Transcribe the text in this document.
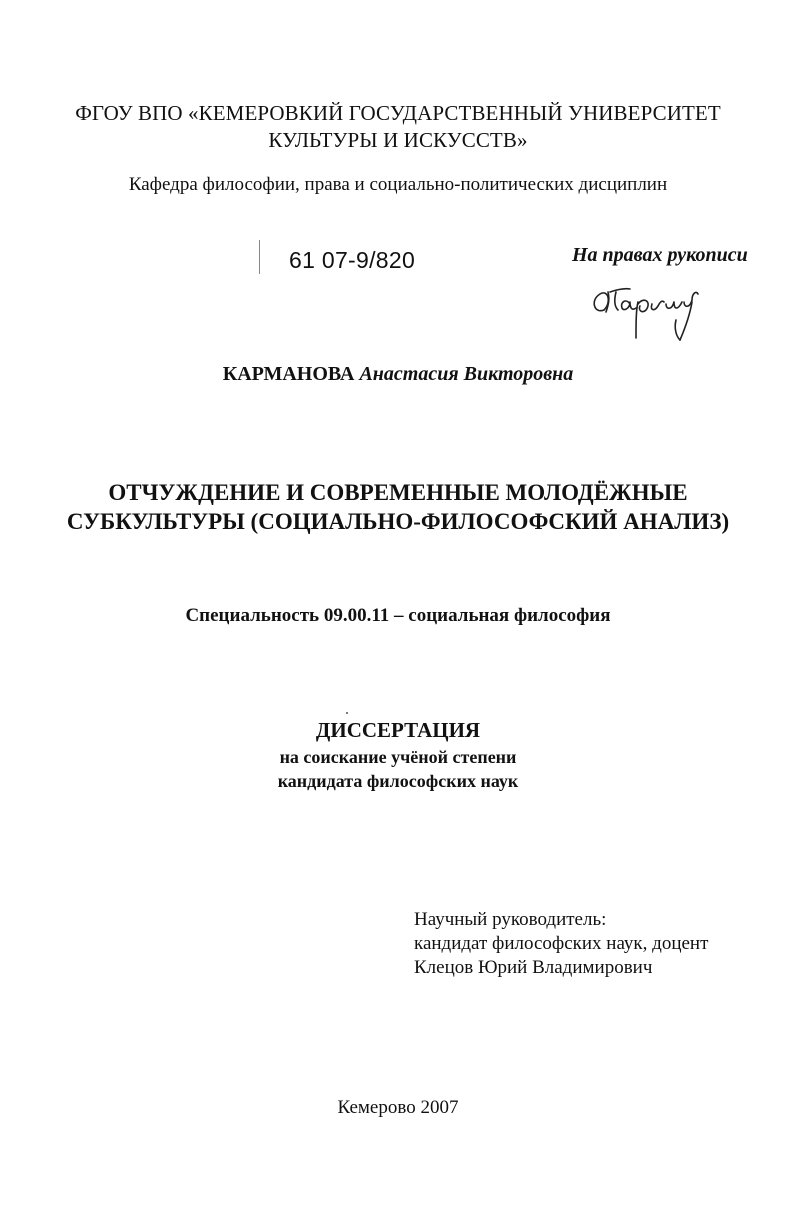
ФГОУ ВПО «КЕМЕРОВКИЙ ГОСУДАРСТВЕННЫЙ УНИВЕРСИТЕТ
КУЛЬТУРЫ И ИСКУССТВ»
Кафедра философии, права и социально-политических дисциплин
61 07-9/820	На правах рукописи
КАРМАНОВА Анастасия Викторовна
ОТЧУЖДЕНИЕ И СОВРЕМЕННЫЕ МОЛОДЁЖНЫЕ
СУБКУЛЬТУРЫ (СОЦИАЛЬНО-ФИЛОСОФСКИЙ АНАЛИЗ)
Специальность 09.00.11 – социальная философия
ДИССЕРТАЦИЯ
на соискание учёной степени
кандидата философских наук
Научный руководитель:
кандидат философских наук, доцент
Клецов Юрий Владимирович
Кемерово 2007
